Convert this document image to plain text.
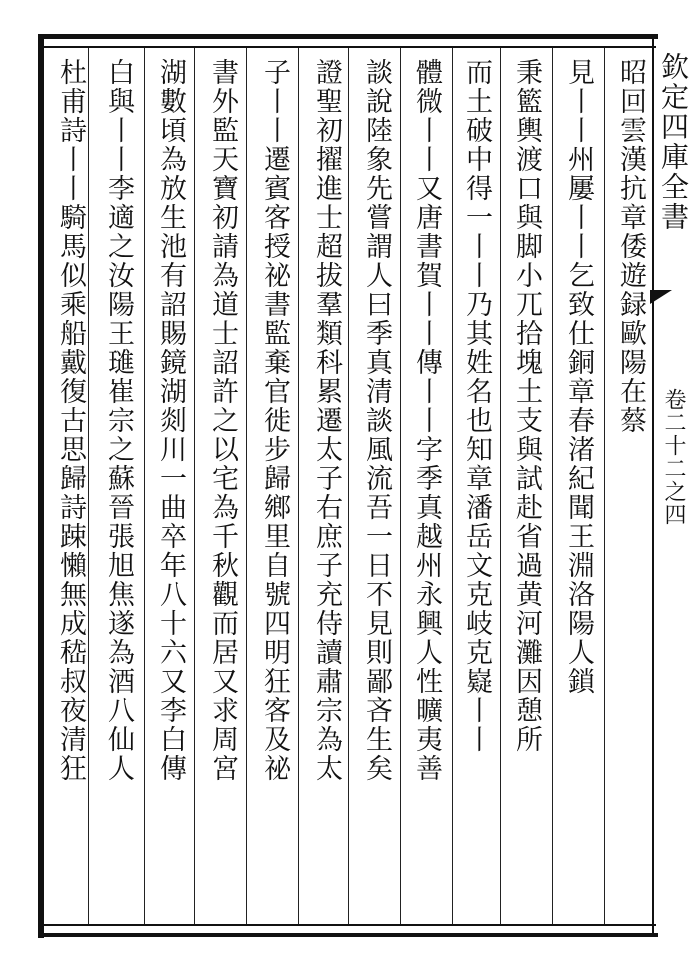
欽定四庫全書
卷二十二之四
昭回雲漢抗章倭遊録歐陽在蔡
見丨丨州屢丨丨乞致仕銅章春渚紀聞王淵洛陽人鎖
秉籃輿渡口與脚小兀拾塊土支與試赴省過黄河灘因憩所
而土破中得一丨丨乃其姓名也知章潘岳文克岐克嶷丨丨
體微丨丨又唐書賀丨丨傳丨丨字季真越州永興人性曠夷善
談說陸象先嘗謂人曰季真清談風流吾一日不見則鄙吝生矣
證聖初擢進士超拔羣類科累遷太子右庶子充侍讀肅宗為太
子丨丨遷賓客授祕書監棄官徙步歸鄉里自號四明狂客及祕
書外監天寶初請為道士詔許之以宅為千秋觀而居又求周宮
湖數頃為放生池有詔賜鏡湖剡川一曲卒年八十六又李白傳
白與丨丨李適之汝陽王璡崔宗之蘇晉張旭焦遂為酒八仙人
杜甫詩丨丨騎馬似乘船戴復古思歸詩踈懶無成嵇叔夜清狂
